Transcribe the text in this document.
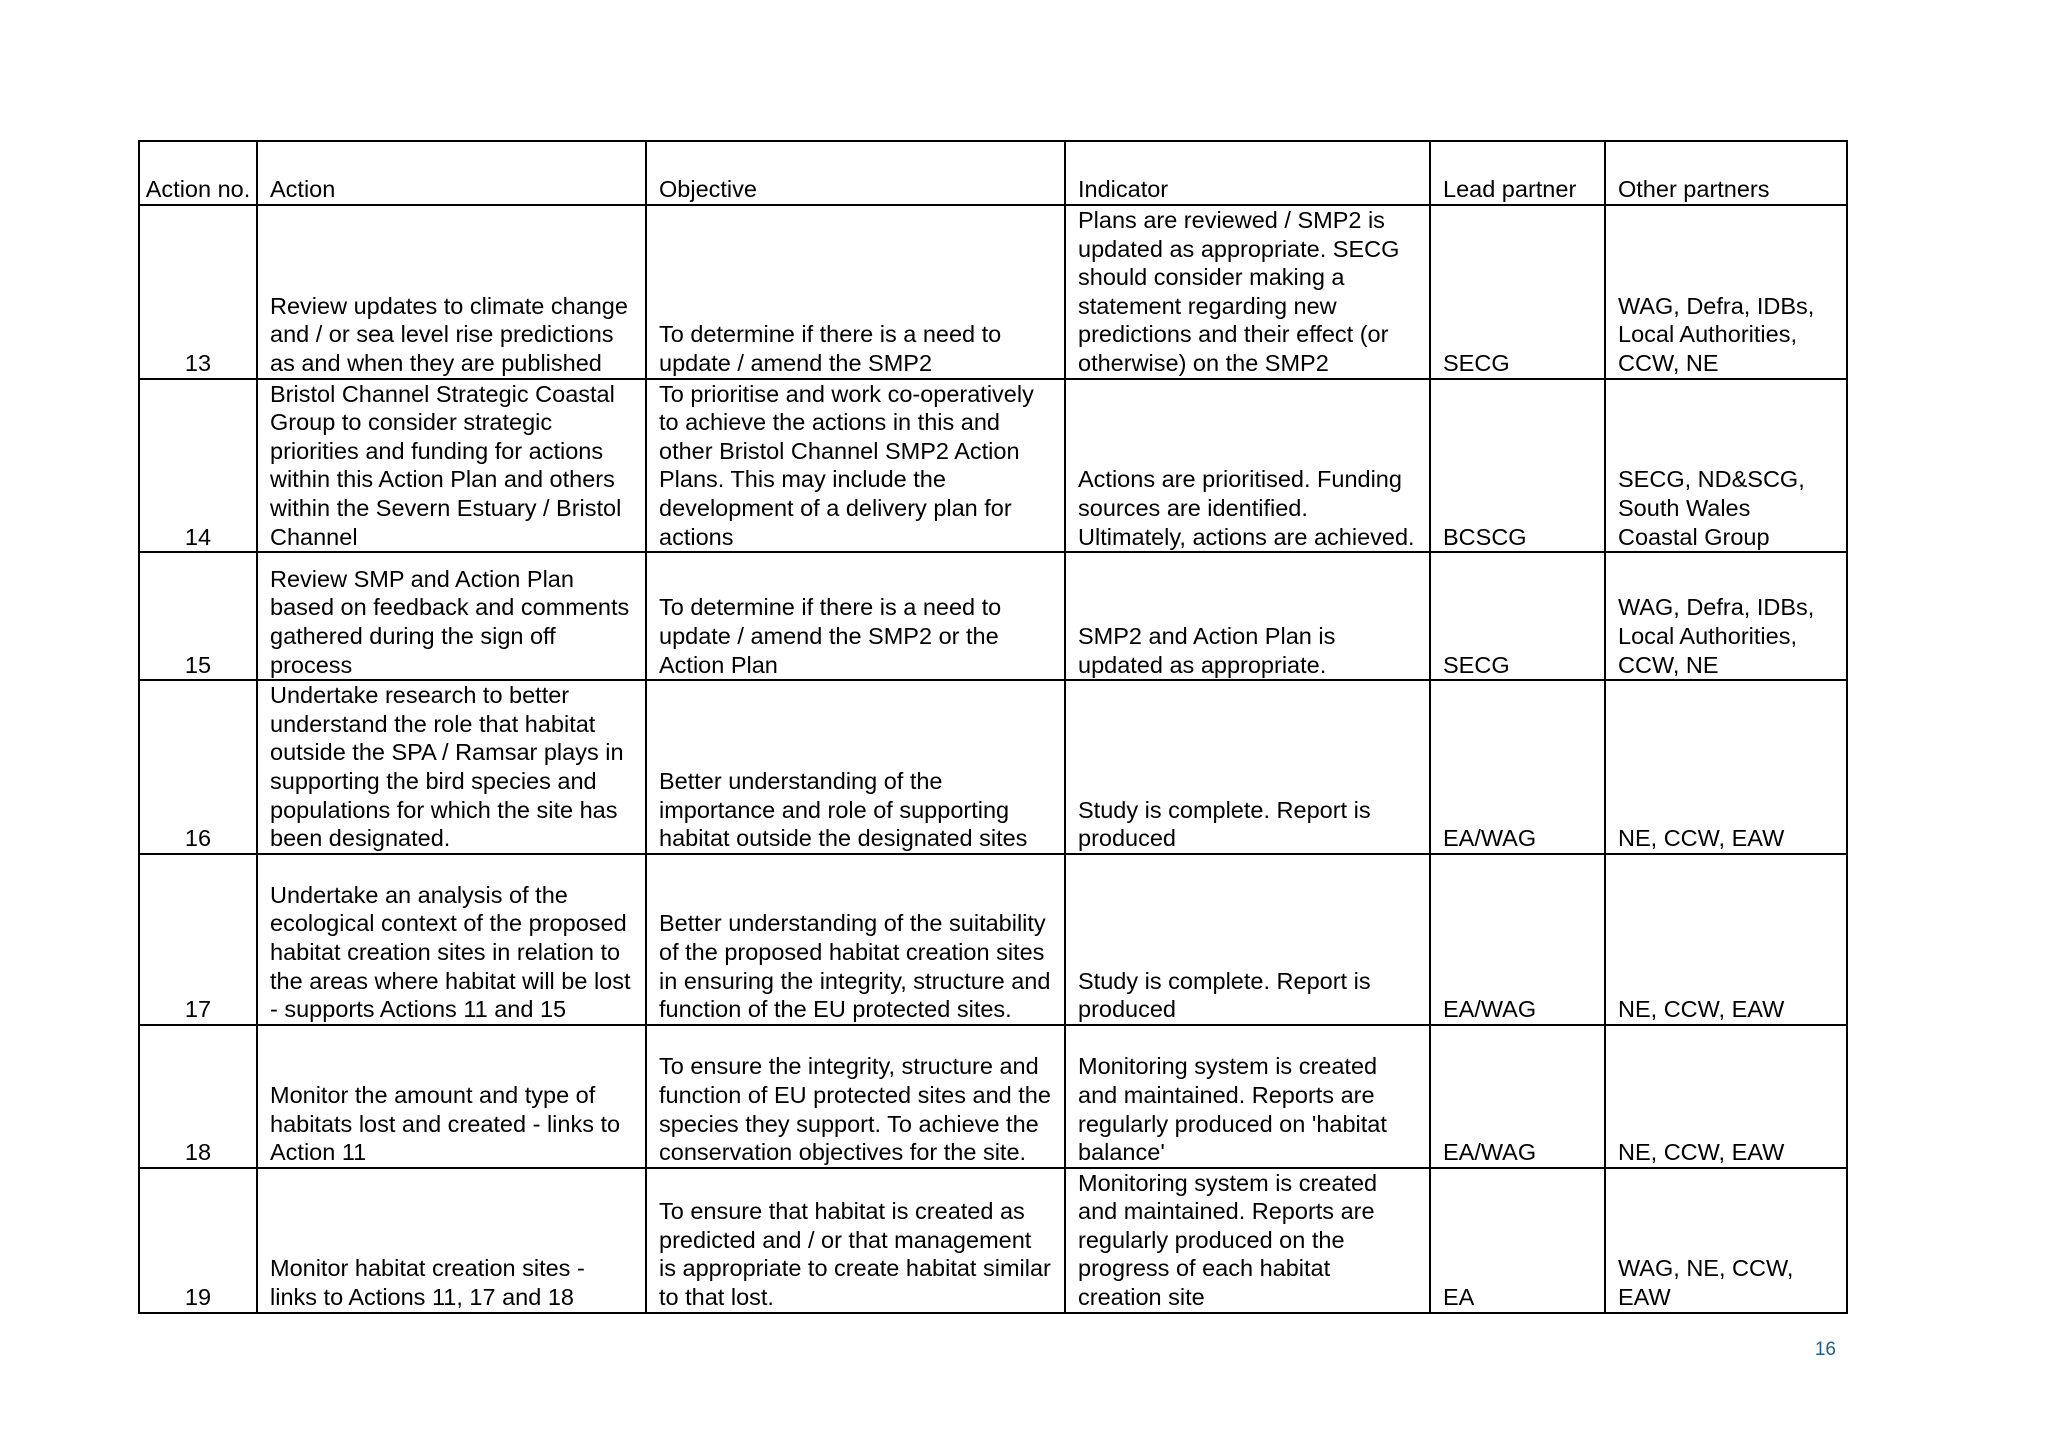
Action no.	Action	Objective	Indicator	Lead partner	Other partners
13	Review updates to climate change and / or sea level rise predictions as and when they are published	To determine if there is a need to update / amend the SMP2	Plans are reviewed / SMP2 is updated as appropriate. SECG should consider making a statement regarding new predictions and their effect (or otherwise) on the SMP2	SECG	WAG, Defra, IDBs, Local Authorities, CCW, NE
14	Bristol Channel Strategic Coastal Group to consider strategic priorities and funding for actions within this Action Plan and others within the Severn Estuary / Bristol Channel	To prioritise and work co-operatively to achieve the actions in this and other Bristol Channel SMP2 Action Plans. This may include the development of a delivery plan for actions	Actions are prioritised. Funding sources are identified. Ultimately, actions are achieved.	BCSCG	SECG, ND&SCG, South Wales Coastal Group
15	Review SMP and Action Plan based on feedback and comments gathered during the sign off process	To determine if there is a need to update / amend the SMP2 or the Action Plan	SMP2 and Action Plan is updated as appropriate.	SECG	WAG, Defra, IDBs, Local Authorities, CCW, NE
16	Undertake research to better understand the role that habitat outside the SPA / Ramsar plays in supporting the bird species and populations for which the site has been designated.	Better understanding of the importance and role of supporting habitat outside the designated sites	Study is complete. Report is produced	EA/WAG	NE, CCW, EAW
17	Undertake an analysis of the ecological context of the proposed habitat creation sites in relation to the areas where habitat will be lost - supports Actions 11 and 15	Better understanding of the suitability of the proposed habitat creation sites in ensuring the integrity, structure and function of the EU protected sites.	Study is complete. Report is produced	EA/WAG	NE, CCW, EAW
18	Monitor the amount and type of habitats lost and created - links to Action 11	To ensure the integrity, structure and function of EU protected sites and the species they support. To achieve the conservation objectives for the site.	Monitoring system is created and maintained. Reports are regularly produced on 'habitat balance'	EA/WAG	NE, CCW, EAW
19	Monitor habitat creation sites - links to Actions 11, 17 and 18	To ensure that habitat is created as predicted and / or that management is appropriate to create habitat similar to that lost.	Monitoring system is created and maintained. Reports are regularly produced on the progress of each habitat creation site	EA	WAG, NE, CCW, EAW
16
